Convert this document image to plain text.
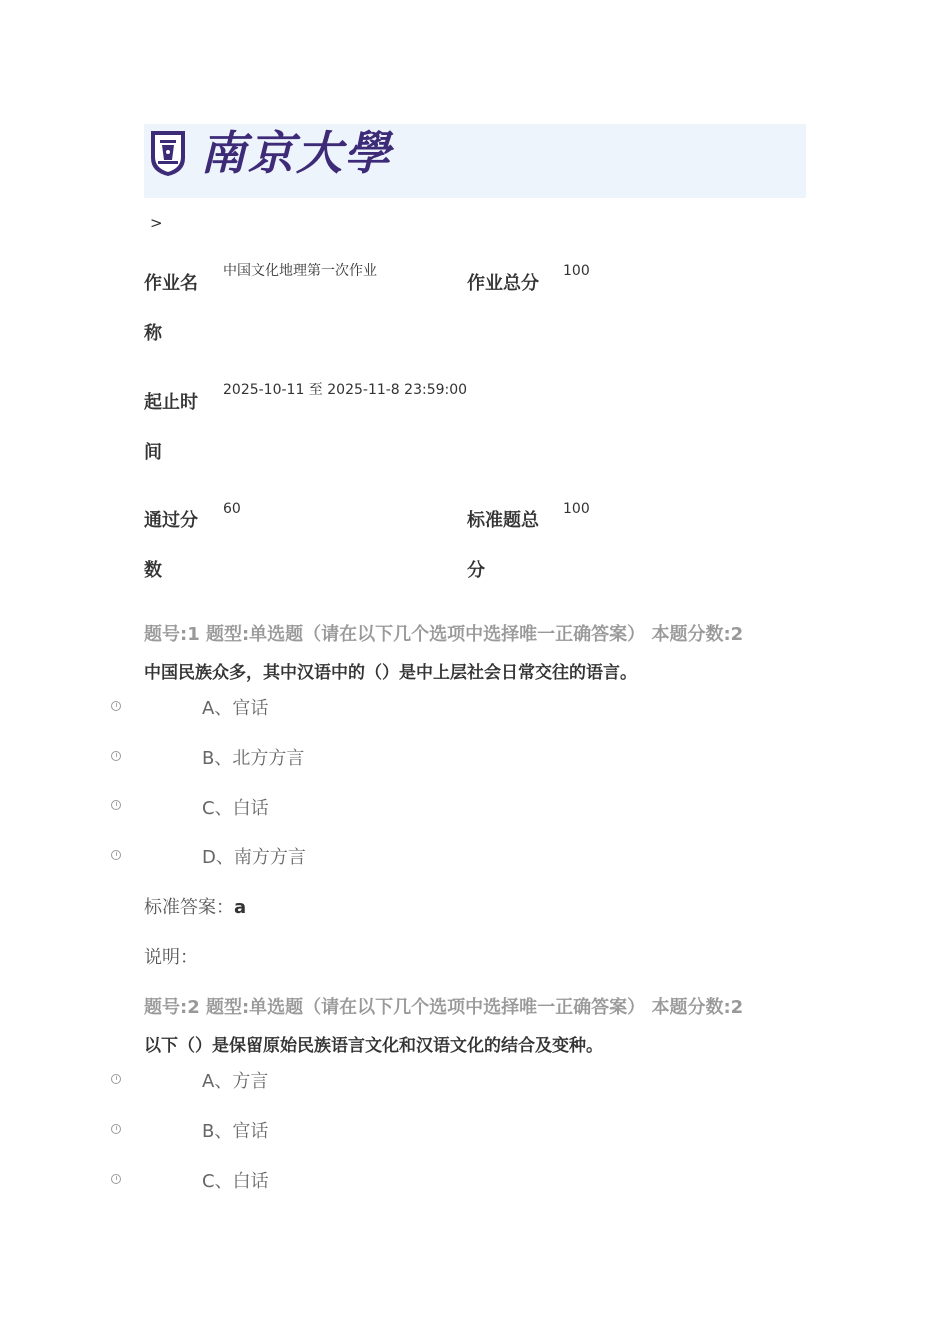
南京大學
>
作业名
称
中国文化地理第一次作业
作业总分
100
起止时
间
2025-10-11 至 2025-11-8 23:59:00
通过分
数
60
标准题总
分
100
题号:1 题型:单选题（请在以下几个选项中选择唯一正确答案） 本题分数:2
中国民族众多，其中汉语中的（）是中上层社会日常交往的语言。
A、官话
B、北方方言
C、白话
D、南方方言
标准答案：a
说明：
题号:2 题型:单选题（请在以下几个选项中选择唯一正确答案） 本题分数:2
以下（）是保留原始民族语言文化和汉语文化的结合及变种。
A、方言
B、官话
C、白话
